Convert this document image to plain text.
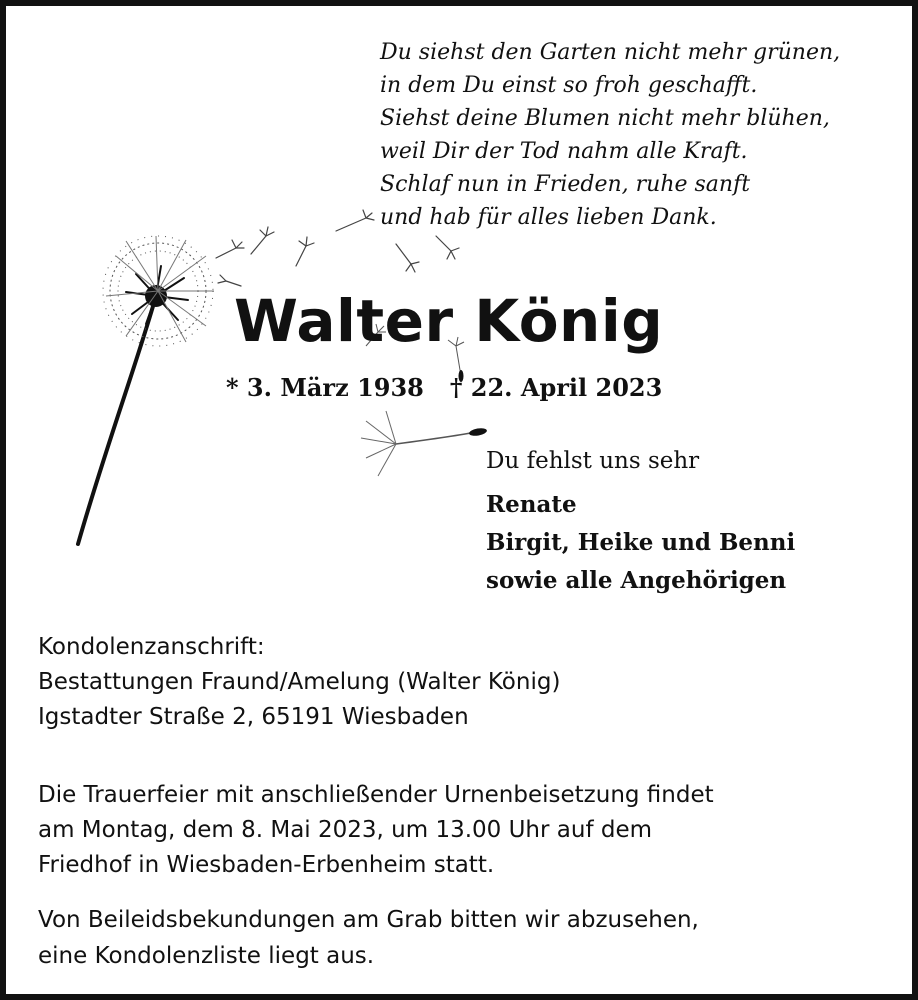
Du siehst den Garten nicht mehr grünen,
in dem Du einst so froh geschafft.
Siehst deine Blumen nicht mehr blühen,
weil Dir der Tod nahm alle Kraft.
Schlaf nun in Frieden, ruhe sanft
und hab für alles lieben Dank.
Walter König
* 3. März 1938 † 22. April 2023
Du fehlst uns sehr
Renate
Birgit, Heike und Benni
sowie alle Angehörigen
Kondolenzanschrift:
Bestattungen Fraund/Amelung (Walter König)
Igstadter Straße 2, 65191 Wiesbaden
Die Trauerfeier mit anschließender Urnenbeisetzung findet
am Montag, dem 8. Mai 2023, um 13.00 Uhr auf dem
Friedhof in Wiesbaden-Erbenheim statt.
Von Beileidsbekundungen am Grab bitten wir abzusehen,
eine Kondolenzliste liegt aus.
